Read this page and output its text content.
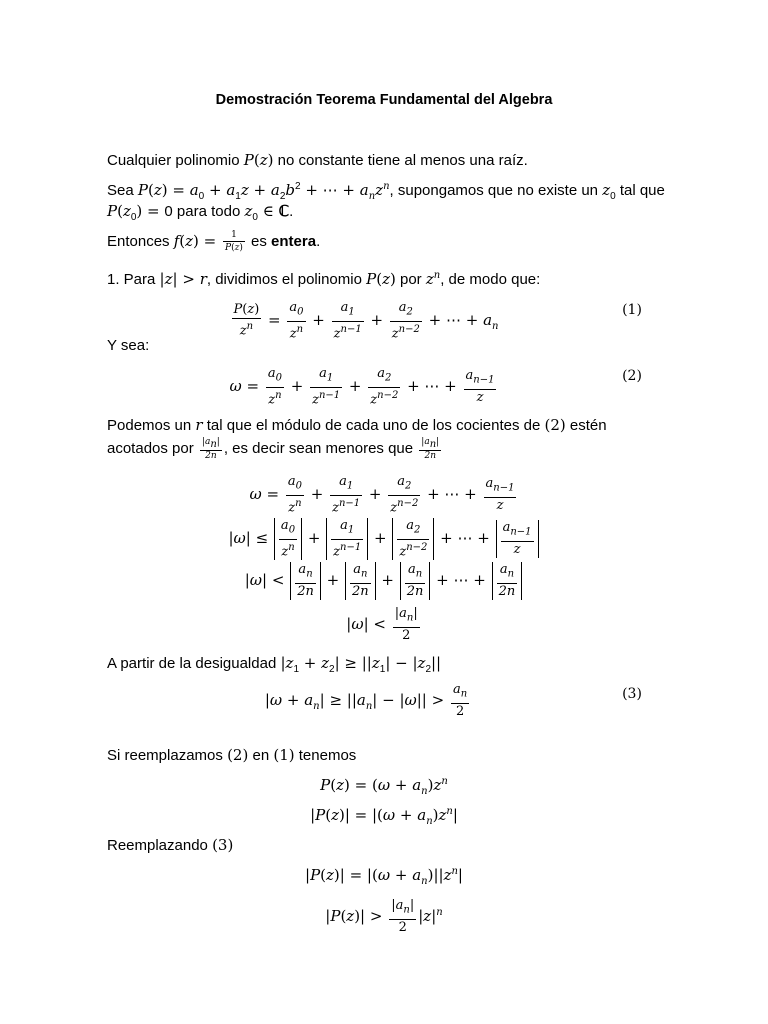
Demostración Teorema Fundamental del Algebra
Cualquier polinomio P(z) no constante tiene al menos una raíz.
Sea $P(z) = a_0 + a_1z + a_2b^2$ + ⋯ + $a_nz^n$, supongamos que no existe un $z_0$ tal que
$P(z_0) = 0$ para todo $z_0$ ∈ ℂ.
Entonces $f(z) = \frac{1}{P(z)}$ es entera.
1. Para |z| > r, dividimos el polinomio P(z) por $z^n$, de modo que:
$\frac{P(z)}{z^n} = \frac{a_0}{z^n} + \frac{a_1}{z^{n-1}} + \frac{a_2}{z^{n-2}}$ + ⋯ + $a_n$
(1)
Y sea:
$\omega = \frac{a_0}{z^n} + \frac{a_1}{z^{n-1}} + \frac{a_2}{z^{n-2}}$ + ⋯ + $\frac{a_{n-1}}{z}$	(2)
Podemos un r tal que el módulo de cada uno de los cocientes de (2) estén
acotados por $\frac{|a_n|}{2n}$ , es decir sean menores que $\frac{|a_n|}{2n}$
$\omega = \frac{a_0}{z^n} + \frac{a_1}{z^{n-1}} + \frac{a_2}{z^{n-2}}$ + ⋯ + $\frac{a_{n-1}}{z}$
$|\omega| \le \frac{a_0}{z^n} + \frac{a_1}{z^{n-1}} + \frac{a_2}{z^{n-2}}$ + ⋯ + $\frac{a_{n-1}}{z}$
$|\omega| < \frac{a_n}{2n} + \frac{a_n}{2n} + \frac{a_n}{2n}$ + ⋯ + $\frac{a_n}{2n}$
$|\omega| < \frac{|a_n|}{2}$
A partir de la desigualdad $|z_1 + z_2| \ge ||z_1| - |z_2||$
$|\omega + a_n| \ge ||a_n| - |\omega|| > \frac{a_n}{2}$	(3)
Si reemplazamos (2) en (1) tenemos
$P(z) = (\omega + a_n)z^n$
$|P(z)| = |(\omega + a_n)z^n|$
Reemplazando (3)
$|P(z)| = |(\omega + a_n)||z^n|$
$|P(z)| > \frac{|a_n|}{2} |z|^n$
